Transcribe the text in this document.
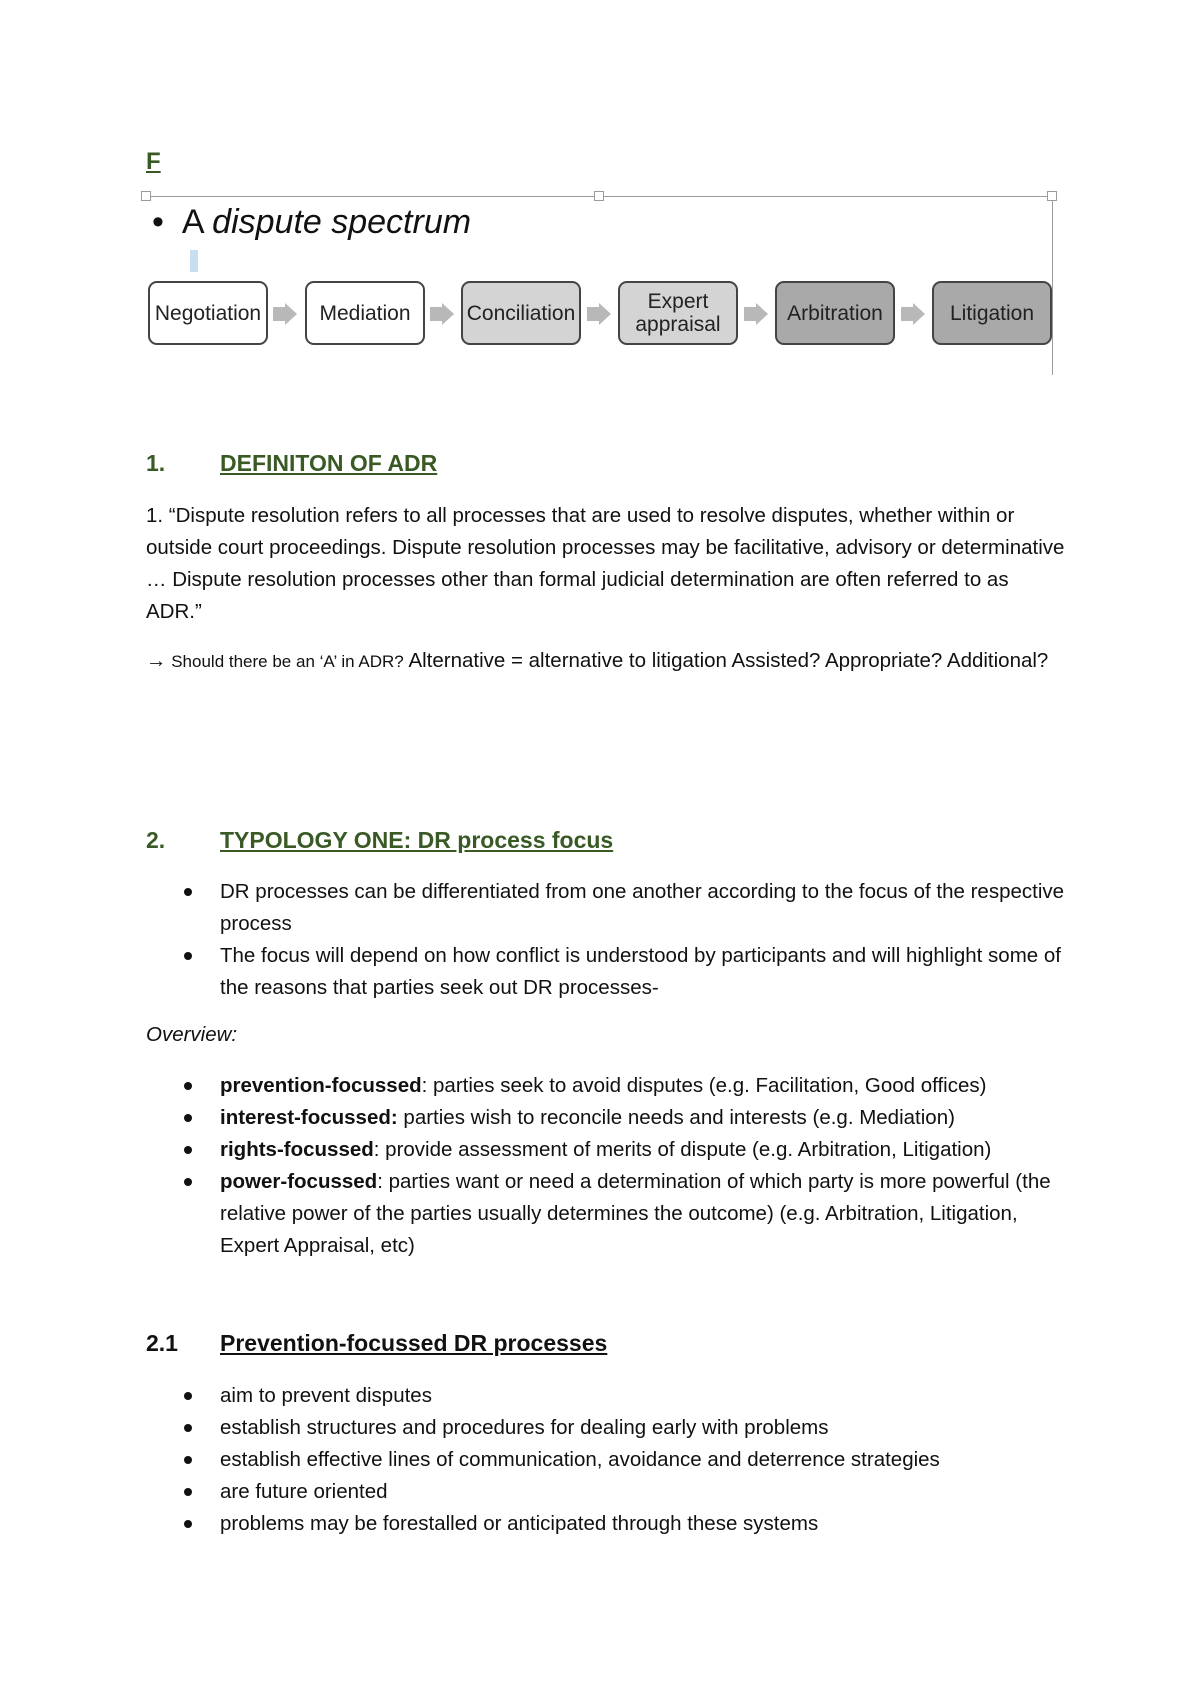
F
• A dispute spectrum
Negotiation	Mediation	Conciliation	Expert appraisal	Arbitration	Litigation
1. DEFINITON OF ADR
1. “Dispute resolution refers to all processes that are used to resolve disputes, whether within or outside court proceedings. Dispute resolution processes may be facilitative, advisory or determinative … Dispute resolution processes other than formal judicial determination are often referred to as ADR.”
→ Should there be an ‘A’ in ADR? Alternative = alternative to litigation Assisted? Appropriate? Additional?
2. TYPOLOGY ONE: DR process focus
DR processes can be differentiated from one another according to the focus of the respective process
The focus will depend on how conflict is understood by participants and will highlight some of the reasons that parties seek out DR processes-
Overview:
prevention-focussed: parties seek to avoid disputes (e.g. Facilitation, Good offices)
interest-focussed: parties wish to reconcile needs and interests (e.g. Mediation)
rights-focussed: provide assessment of merits of dispute (e.g. Arbitration, Litigation)
power-focussed: parties want or need a determination of which party is more powerful (the relative power of the parties usually determines the outcome) (e.g. Arbitration, Litigation, Expert Appraisal, etc)
2.1 Prevention-focussed DR processes
aim to prevent disputes
establish structures and procedures for dealing early with problems
establish effective lines of communication, avoidance and deterrence strategies
are future oriented
problems may be forestalled or anticipated through these systems
